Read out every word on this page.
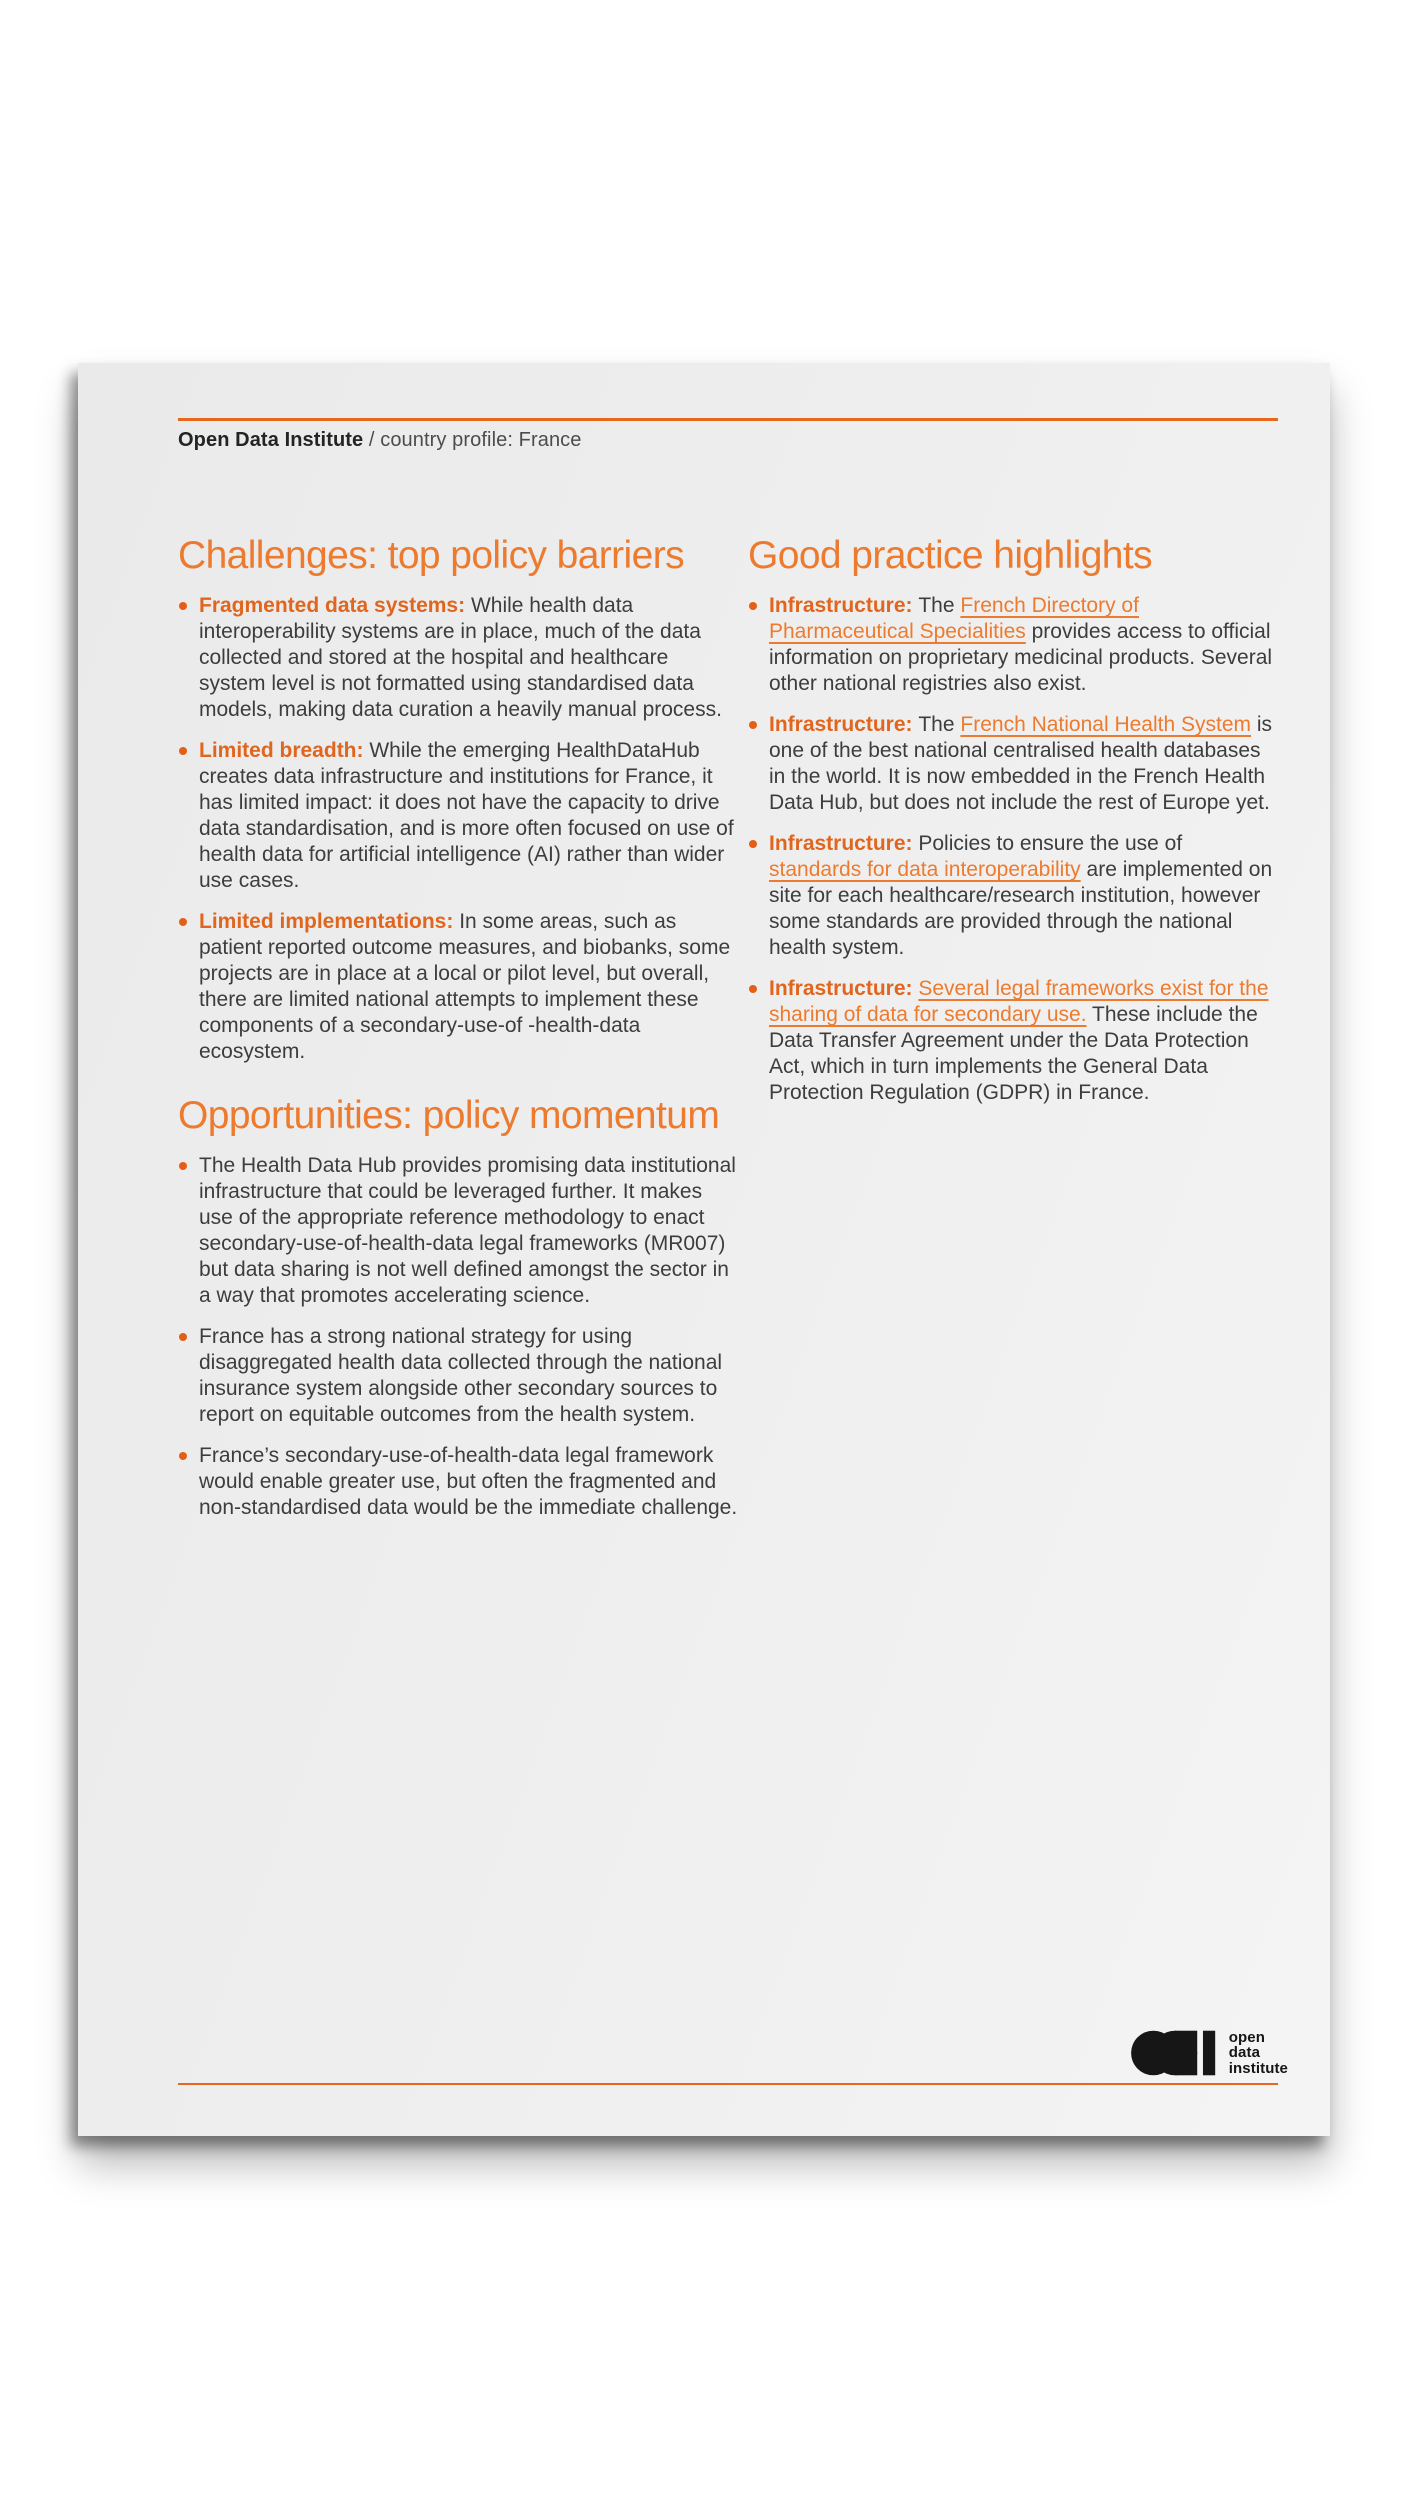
Open Data Institute / country profile: France
Challenges: top policy barriers

Fragmented data systems: While health data interoperability systems are in place, much of the data collected and stored at the hospital and healthcare system level is not formatted using standardised data models, making data curation a heavily manual process.

Limited breadth: While the emerging HealthDataHub creates data infrastructure and institutions for France, it has limited impact: it does not have the capacity to drive data standardisation, and is more often focused on use of health data for artificial intelligence (AI) rather than wider use cases.

Limited implementations: In some areas, such as patient reported outcome measures, and biobanks, some projects are in place at a local or pilot level, but overall, there are limited national attempts to implement these components of a secondary-use-of -health-data ecosystem.

Opportunities: policy momentum

The Health Data Hub provides promising data institutional infrastructure that could be leveraged further. It makes use of the appropriate reference methodology to enact secondary-use-of-health-data legal frameworks (MR007) but data sharing is not well defined amongst the sector in a way that promotes accelerating science.

France has a strong national strategy for using disaggregated health data collected through the national insurance system alongside other secondary sources to report on equitable outcomes from the health system.

France’s secondary-use-of-health-data legal framework would enable greater use, but often the fragmented and non-standardised data would be the immediate challenge.

Good practice highlights

Infrastructure: The French Directory of Pharmaceutical Specialities provides access to official information on proprietary medicinal products. Several other national registries also exist.

Infrastructure: The French National Health System is one of the best national centralised health databases in the world. It is now embedded in the French Health Data Hub, but does not include the rest of Europe yet.

Infrastructure: Policies to ensure the use of standards for data interoperability are implemented on site for each healthcare/research institution, however some standards are provided through the national health system.

Infrastructure: Several legal frameworks exist for the sharing of data for secondary use. These include the Data Transfer Agreement under the Data Protection Act, which in turn implements the General Data Protection Regulation (GDPR) in France.

open
data
institute
